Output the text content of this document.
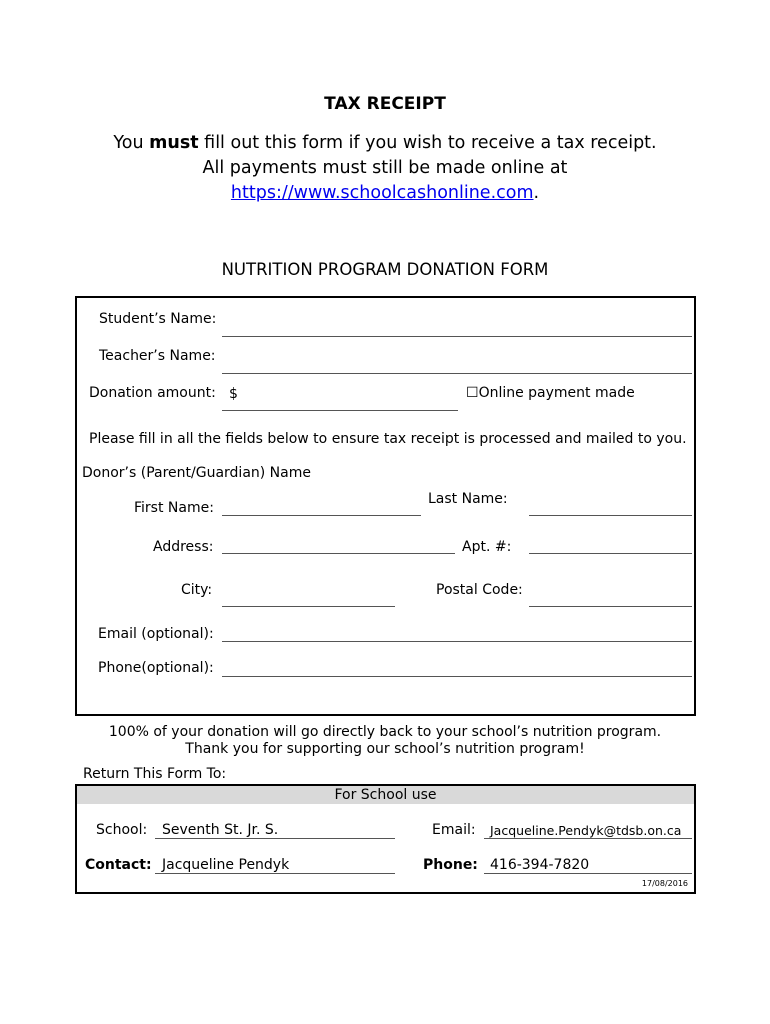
TAX RECEIPT
You must fill out this form if you wish to receive a tax receipt.
All payments must still be made online at
https://www.schoolcashonline.com.
NUTRITION PROGRAM DONATION FORM
Student’s Name:
Teacher’s Name:
Donation amount: $	☐Online payment made
Please fill in all the fields below to ensure tax receipt is processed and mailed to you.
Donor’s (Parent/Guardian) Name
First Name:
Last Name:
Address:	Apt. #:
City:	Postal Code:
Email (optional):
Phone(optional):
100% of your donation will go directly back to your school’s nutrition program.
Thank you for supporting our school’s nutrition program!
Return This Form To:
For School use
School: Seventh St. Jr. S.	Email: Jacqueline.Pendyk@tdsb.on.ca
Contact: Jacqueline Pendyk	Phone: 416-394-7820
17/08/2016
